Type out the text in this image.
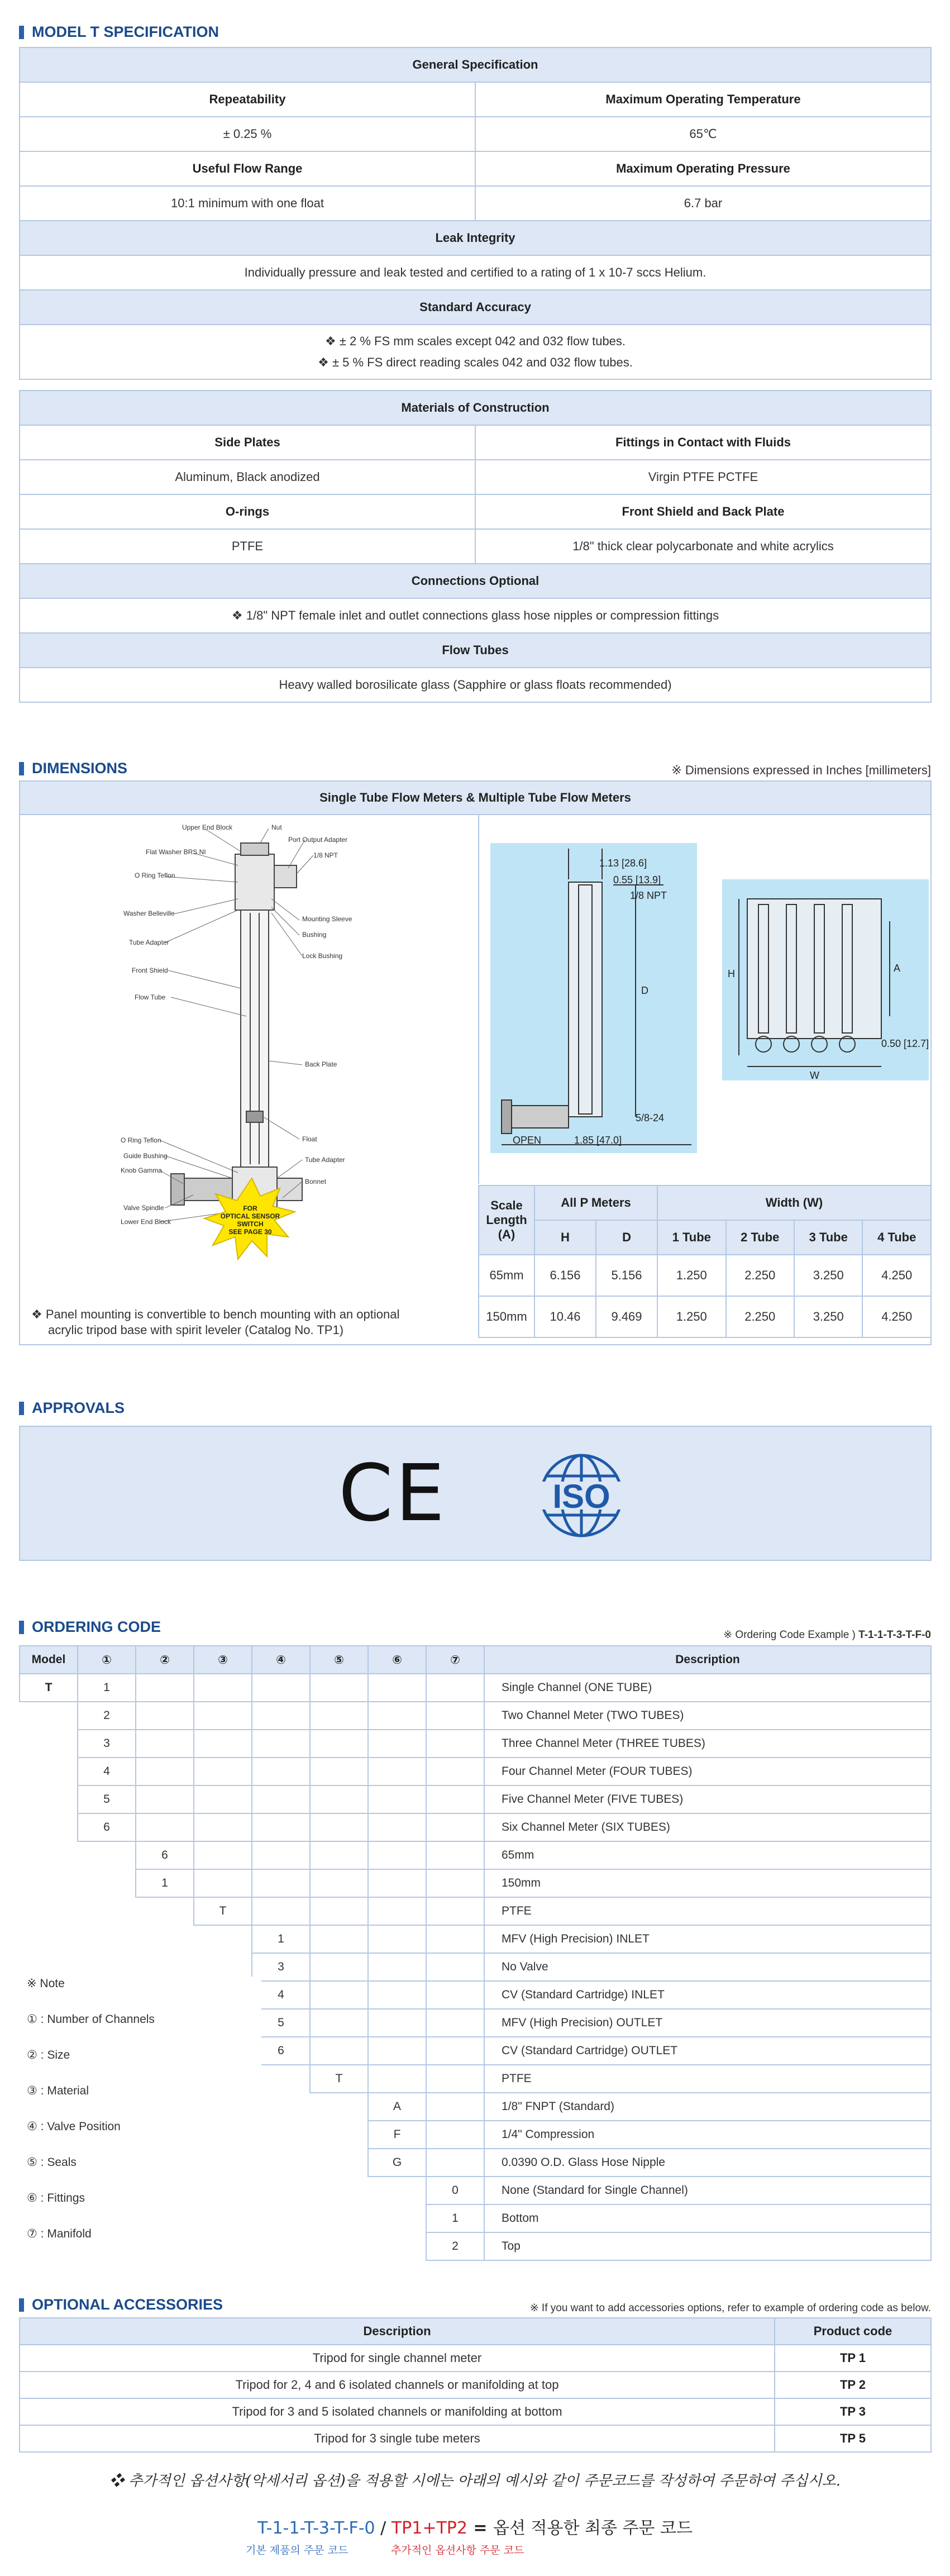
MODEL T SPECIFICATION
General Specification	
Repeatability	Maximum Operating Temperature
± 0.25 %	65℃
Useful Flow Range	Maximum Operating Pressure
10:1 minimum with one float	6.7 bar
Leak Integrity	
Individually pressure and leak tested and certified to a rating of 1 x 10-7 sccs Helium.	
Standard Accuracy	

❖ ± 2 % FS mm scales except 042 and 032 flow tubes.
❖ ± 5 % FS direct reading scales 042 and 032 flow tubes.	
Materials of Construction	
Side Plates	Fittings in Contact with Fluids
Aluminum, Black anodized	Virgin PTFE PCTFE
O-rings	Front Shield and Back Plate
PTFE	1/8" thick clear polycarbonate and white acrylics
Connections Optional	
❖ 1/8" NPT female inlet and outlet connections glass hose nipples or compression fittings	
Flow Tubes	
Heavy walled borosilicate glass (Sapphire or glass floats recommended)	
DIMENSIONS	※ Dimensions expressed in Inches [millimeters]
Single Tube Flow Meters & Multiple Tube Flow Meters
Upper End Block	Nut
Port Output Adapter
Flat Washer BRS NI	1/8 NPT
O Ring Teflon
Mounting Sleeve
Washer Belleville
Bushing
Tube Adapter
Lock Bushing
Front Shield
Flow Tube
Back Plate
O Ring Teflon	Float
Guide Bushing	Tube Adapter
Knob Gamma
Bonnet
Valve Spindle
Lower End Block
FOR
OPTICAL SENSOR
SWITCH
SEE PAGE 30
❖ Panel mounting is convertible to bench mounting with an optional
acrylic tripod base with spirit leveler (Catalog No. TP1)
1.13 [28.6]
0.55 [13.9]
1/8 NPT
D
5/8-24
OPEN	1.85 [47.0]
H	A
0.50 [12.7]
W
Scale Length (A)	All P Meters		Width (W)			
	H	D	1 Tube	2 Tube	3 Tube	4 Tube
65mm	6.156	5.156	1.250	2.250	3.250	4.250
150mm	10.46	9.469	1.250	2.250	3.250	4.250
APPROVALS
CE	ISO
ORDERING CODE	※ Ordering Code Example ) T-1-1-T-3-T-F-0
Model	①	②	③	④	⑤	⑥	⑦	Description
T	1							Single Channel (ONE TUBE)
	2							Two Channel Meter (TWO TUBES)
	3							Three Channel Meter (THREE TUBES)
	4							Four Channel Meter (FOUR TUBES)
	5							Five Channel Meter (FIVE TUBES)
	6							Six Channel Meter (SIX TUBES)
		6						65mm
		1						150mm
			T					PTFE
				1				MFV (High Precision) INLET
				3				No Valve
				4				CV (Standard Cartridge) INLET
				5				MFV (High Precision) OUTLET
				6				CV (Standard Cartridge) OUTLET
					T			PTFE
						A		1/8" FNPT (Standard)
						F		1/4" Compression
						G		0.0390 O.D. Glass Hose Nipple
							0	None (Standard for Single Channel)
							1	Bottom
							2	Top
※ Note
① : Number of Channels
② : Size
③ : Material
④ : Valve Position
⑤ : Seals
⑥ : Fittings
⑦ : Manifold
OPTIONAL ACCESSORIES	※ If you want to add accessories options, refer to example of ordering code as below.
Description	Product code
Tripod for single channel meter	TP 1
Tripod for 2, 4 and 6 isolated channels or manifolding at top	TP 2
Tripod for 3 and 5 isolated channels or manifolding at bottom	TP 3
Tripod for 3 single tube meters	TP 5
❖ 추가적인 옵션사항(악세서리 옵션)을 적용할 시에는 아래의 예시와 같이 주문코드를 작성하여 주문하여 주십시오.
T-1-1-T-3-T-F-0 / TP1+TP2 = 옵션 적용한 최종 주문 코드
기본 제품의 주문 코드	추가적인 옵션사항 주문 코드
